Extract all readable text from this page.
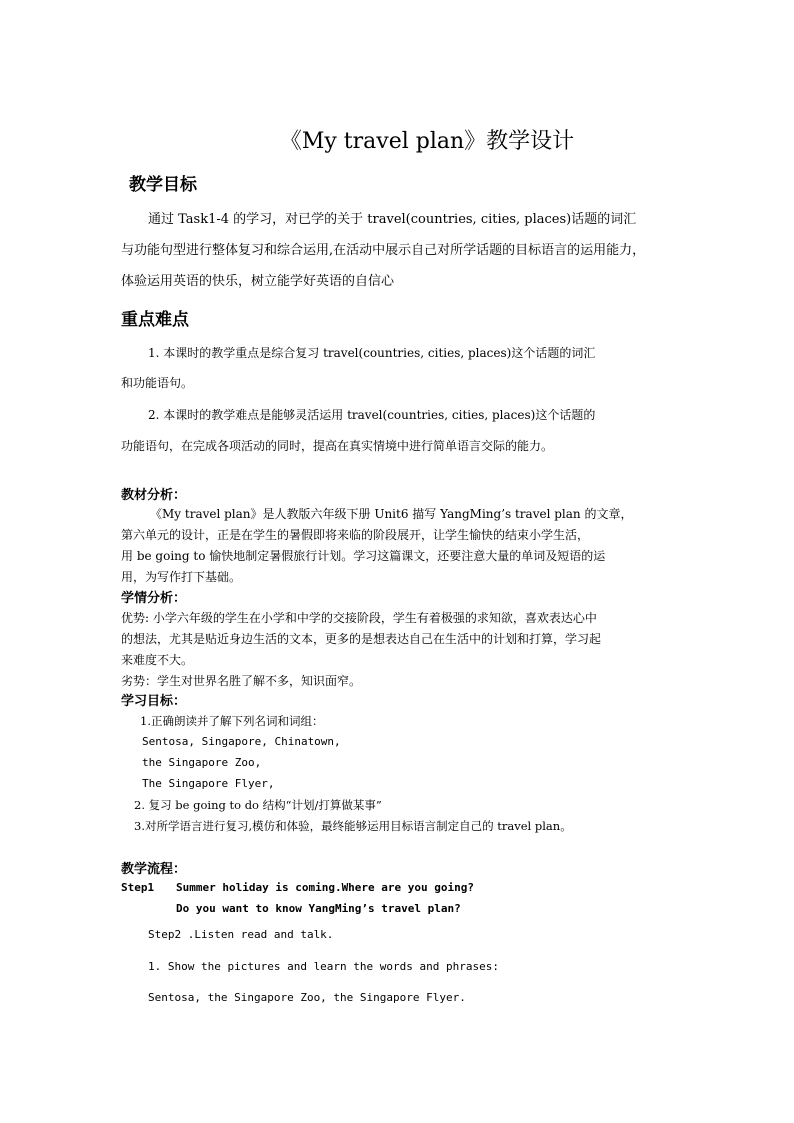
《My travel plan》教学设计
教学目标
通过 Task1-4 的学习，对已学的关于 travel(countries, cities, places)话题的词汇
与功能句型进行整体复习和综合运用,在活动中展示自己对所学话题的目标语言的运用能力，
体验运用英语的快乐，树立能学好英语的自信心
重点难点
1. 本课时的教学重点是综合复习 travel(countries, cities, places)这个话题的词汇
和功能语句。
2. 本课时的教学难点是能够灵活运用 travel(countries, cities, places)这个话题的
功能语句，在完成各项活动的同时，提高在真实情境中进行简单语言交际的能力。
教材分析：
《My travel plan》是人教版六年级下册 Unit6 描写 YangMing’s travel plan 的文章，
第六单元的设计，正是在学生的暑假即将来临的阶段展开，让学生愉快的结束小学生活，
用 be going to 愉快地制定暑假旅行计划。学习这篇课文，还要注意大量的单词及短语的运
用，为写作打下基础。
学情分析：
优势: 小学六年级的学生在小学和中学的交接阶段，学生有着极强的求知欲，喜欢表达心中
的想法，尤其是贴近身边生活的文本，更多的是想表达自己在生活中的计划和打算，学习起
来难度不大。
劣势：学生对世界名胜了解不多，知识面窄。
学习目标：
1.正确朗读并了解下列名词和词组：
Sentosa, Singapore, Chinatown,
the Singapore Zoo,
The Singapore Flyer,
2. 复习 be going to do 结构“计划/打算做某事”
3.对所学语言进行复习,模仿和体验，最终能够运用目标语言制定自己的 travel plan。
教学流程：
Step1 Summer holiday is coming.Where are you going?
Do you want to know YangMing’s travel plan?
Step2 .Listen read and talk.
1. Show the pictures and learn the words and phrases:
Sentosa, the Singapore Zoo, the Singapore Flyer.
